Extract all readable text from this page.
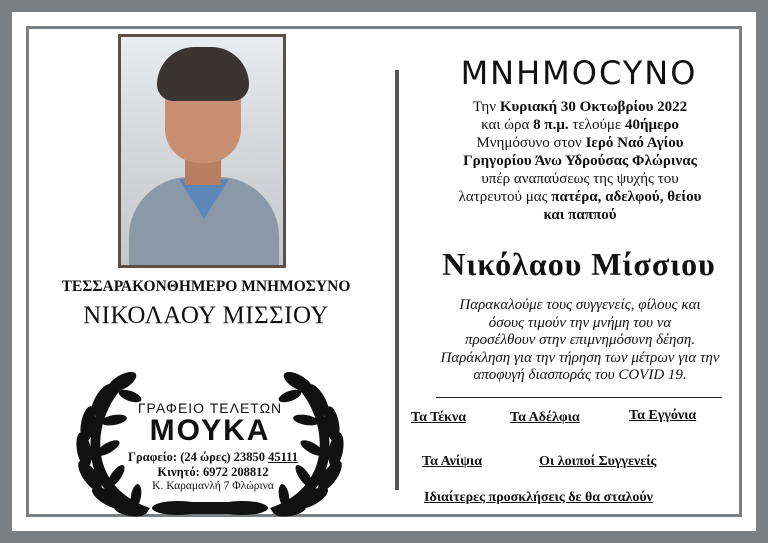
ΤΕΣΣΑΡΑΚΟΝΘΗΜΕΡΟ ΜΝΗΜΟΣΥΝΟ
ΝΙΚΟΛΑΟΥ ΜΙΣΣΙΟΥ
ΓΡΑΦΕΙΟ ΤΕΛΕΤΩΝ
ΜΟΥΚΑ
Γραφείο: (24 ώρες) 23850 45111
Κινητό: 6972 208812
Κ. Καραμανλή 7 Φλώρινα
ΜΝΗΜΟCYNO
Την Κυριακή 30 Οκτωβρίου 2022
και ώρα 8 π.μ. τελούμε 40ήμερο
Μνημόσυνο στον Ιερό Ναό Αγίου
Γρηγορίου Άνω Υδρούσας Φλώρινας
υπέρ αναπαύσεως της ψυχής του
λατρευτού μας πατέρα, αδελφού, θείου
και παππού
Νικόλαου Μίσσιου
Παρακαλούμε τους συγγενείς, φίλους και
όσους τιμούν την μνήμη του να
προσέλθουν στην επιμνημόσυνη δέηση.
Παράκληση για την τήρηση των μέτρων για την
αποφυγή διασποράς του COVID 19.
Τα Τέκνα	Τα Αδέλφια	Τα Εγγόνια
Τα Ανίψια	Οι λοιποί Συγγενείς
Ιδιαίτερες προσκλήσεις δε θα σταλούν
